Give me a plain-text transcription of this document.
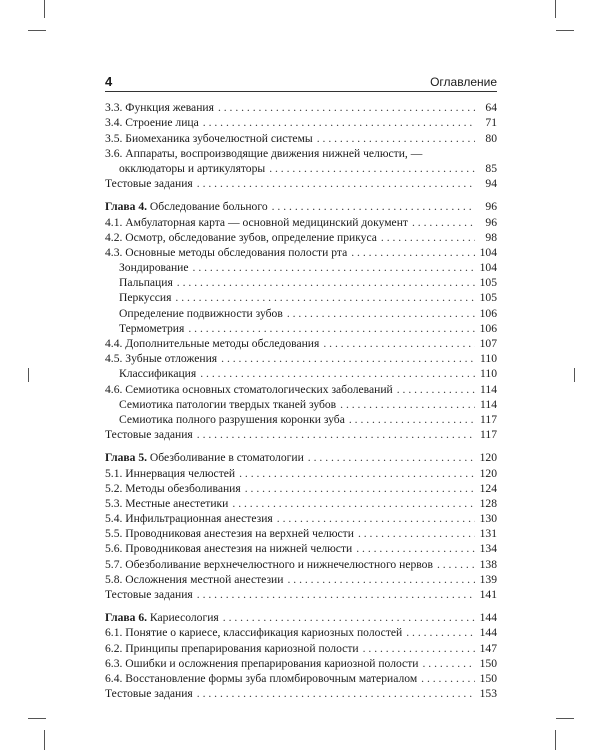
4	Оглавление
3.3. Функция жевания . . .	64
3.4. Строение лица . . .	71
3.5. Биомеханика зубочелюстной системы . . .	80
3.6. Аппараты, воспроизводящие движения нижней челюсти, —
окклюдаторы и артикуляторы . . .	85
Тестовые задания . . .	94
Глава 4. Обследование больного . . .	96
4.1. Амбулаторная карта — основной медицинский документ . . .	96
4.2. Осмотр, обследование зубов, определение прикуса . . .	98
4.3. Основные методы обследования полости рта . . .	104
Зондирование . . .	104
Пальпация . . .	105
Перкуссия . . .	105
Определение подвижности зубов . . .	106
Термометрия . . .	106
4.4. Дополнительные методы обследования . . .	107
4.5. Зубные отложения . . .	110
Классификация . . .	110
4.6. Семиотика основных стоматологических заболеваний . . .	114
Семиотика патологии твердых тканей зубов . . .	114
Семиотика полного разрушения коронки зуба . . .	117
Тестовые задания . . .	117
Глава 5. Обезболивание в стоматологии . . .	120
5.1. Иннервация челюстей . . .	120
5.2. Методы обезболивания . . .	124
5.3. Местные анестетики . . .	128
5.4. Инфильтрационная анестезия . . .	130
5.5. Проводниковая анестезия на верхней челюсти . . .	131
5.6. Проводниковая анестезия на нижней челюсти . . .	134
5.7. Обезболивание верхнечелюстного и нижнечелюстного нервов . . .	138
5.8. Осложнения местной анестезии . . .	139
Тестовые задания . . .	141
Глава 6. Кариесология . . .	144
6.1. Понятие о кариесе, классификация кариозных полостей . . .	144
6.2. Принципы препарирования кариозной полости . . .	147
6.3. Ошибки и осложнения препарирования кариозной полости . . .	150
6.4. Восстановление формы зуба пломбировочным материалом . . .	150
Тестовые задания . . .	153
